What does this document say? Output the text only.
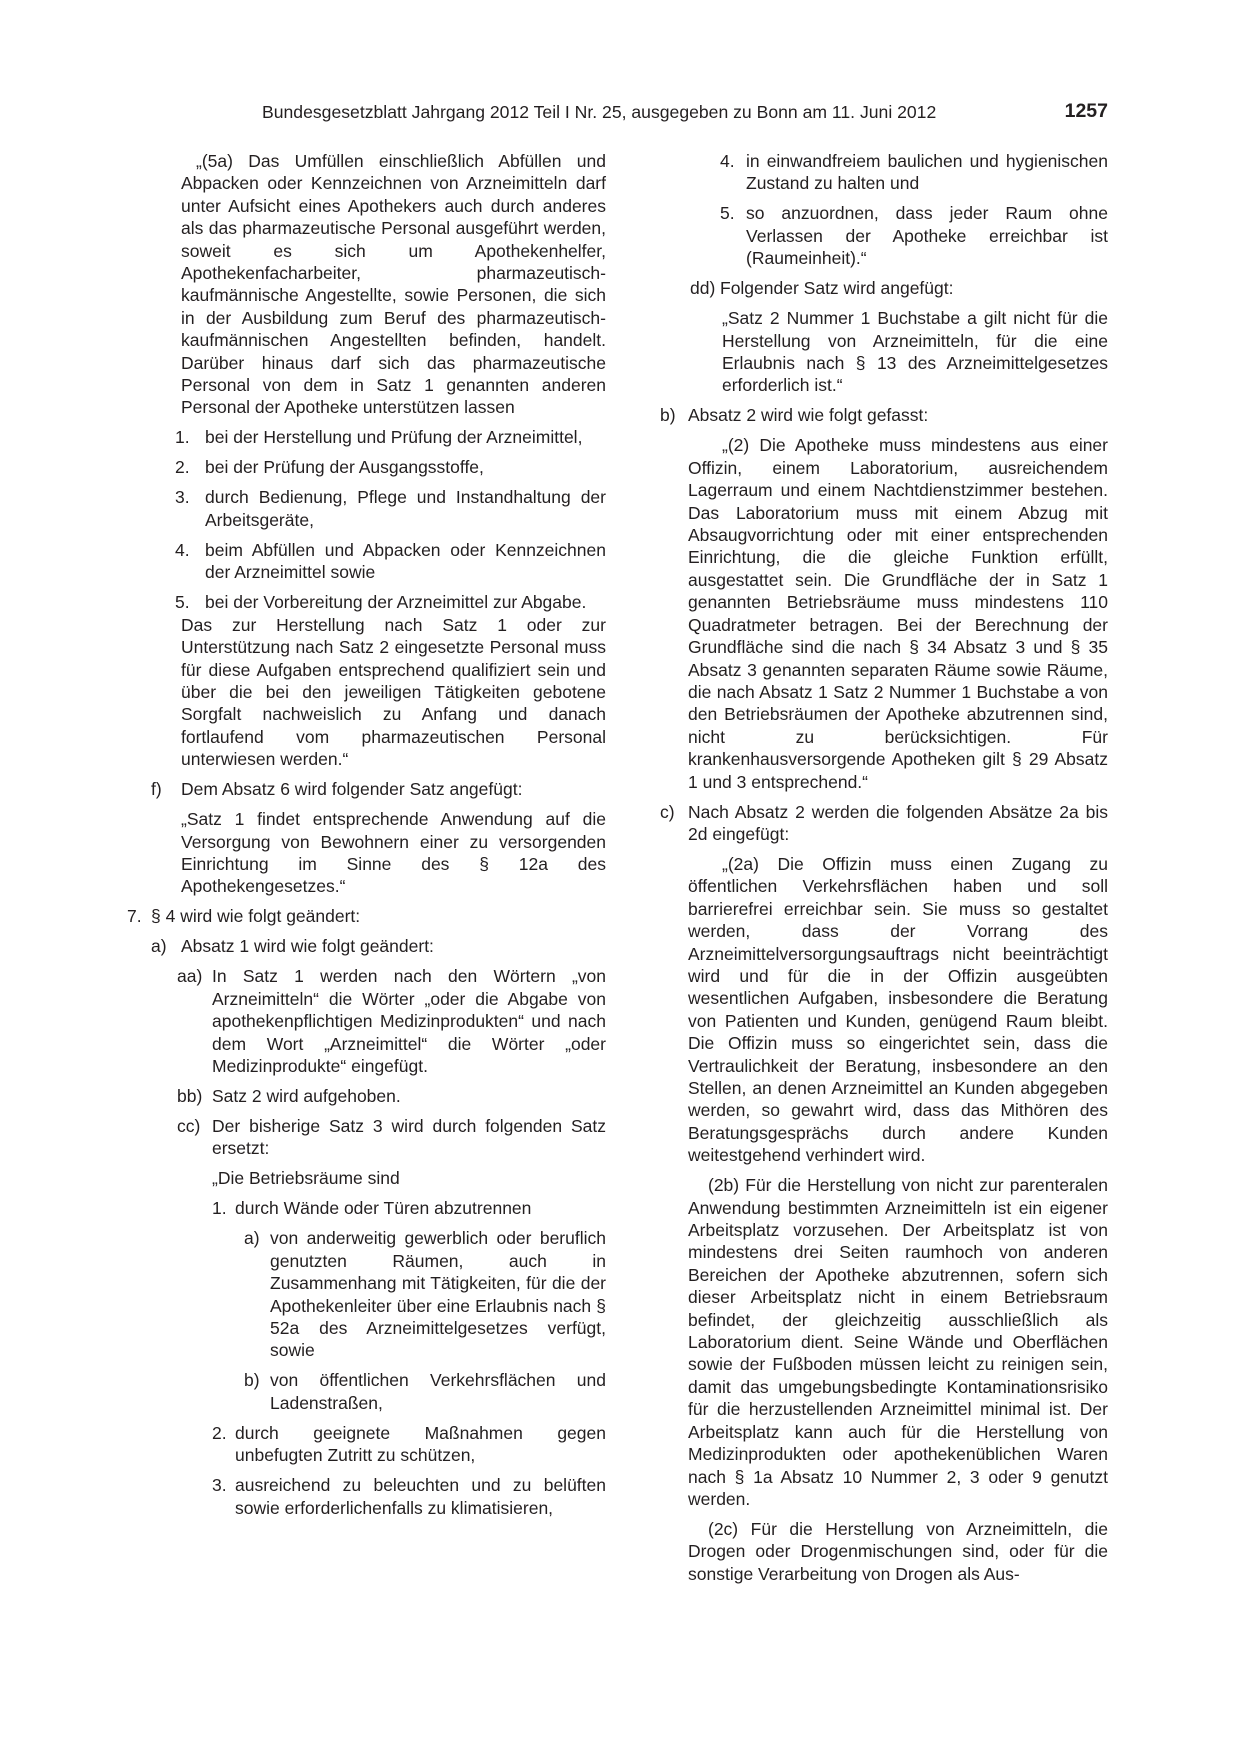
Bundesgesetzblatt Jahrgang 2012 Teil I Nr. 25, ausgegeben zu Bonn am 11. Juni 2012	1257

„(5a) Das Umfüllen einschließlich Abfüllen und Abpacken oder Kennzeichnen von Arzneimitteln darf unter Aufsicht eines Apothekers auch durch anderes als das pharmazeutische Personal ausgeführt werden, soweit es sich um Apothekenhelfer, Apothekenfacharbeiter, pharmazeutisch-kaufmännische Angestellte, sowie Personen, die sich in der Ausbildung zum Beruf des pharmazeutisch-kaufmännischen Angestellten befinden, handelt. Darüber hinaus darf sich das pharmazeutische Personal von dem in Satz 1 genannten anderen Personal der Apotheke unterstützen lassen

1. bei der Herstellung und Prüfung der Arzneimittel,
2. bei der Prüfung der Ausgangsstoffe,
3. durch Bedienung, Pflege und Instandhaltung der Arbeitsgeräte,
4. beim Abfüllen und Abpacken oder Kennzeichnen der Arzneimittel sowie
5. bei der Vorbereitung der Arzneimittel zur Abgabe.

Das zur Herstellung nach Satz 1 oder zur Unterstützung nach Satz 2 eingesetzte Personal muss für diese Aufgaben entsprechend qualifiziert sein und über die bei den jeweiligen Tätigkeiten gebotene Sorgfalt nachweislich zu Anfang und danach fortlaufend vom pharmazeutischen Personal unterwiesen werden.“

f) Dem Absatz 6 wird folgender Satz angefügt:

„Satz 1 findet entsprechende Anwendung auf die Versorgung von Bewohnern einer zu versorgenden Einrichtung im Sinne des § 12a des Apothekengesetzes.“

7. § 4 wird wie folgt geändert:
a) Absatz 1 wird wie folgt geändert:
aa) In Satz 1 werden nach den Wörtern „von Arzneimitteln“ die Wörter „oder die Abgabe von apothekenpflichtigen Medizinprodukten“ und nach dem Wort „Arzneimittel“ die Wörter „oder Medizinprodukte“ eingefügt.
bb) Satz 2 wird aufgehoben.
cc) Der bisherige Satz 3 wird durch folgenden Satz ersetzt:

„Die Betriebsräume sind

1. durch Wände oder Türen abzutrennen
a) von anderweitig gewerblich oder beruflich genutzten Räumen, auch in Zusammenhang mit Tätigkeiten, für die der Apothekenleiter über eine Erlaubnis nach § 52a des Arzneimittelgesetzes verfügt, sowie
b) von öffentlichen Verkehrsflächen und Ladenstraßen,
2. durch geeignete Maßnahmen gegen unbefugten Zutritt zu schützen,
3. ausreichend zu beleuchten und zu belüften sowie erforderlichenfalls zu klimatisieren,
4. in einwandfreiem baulichen und hygienischen Zustand zu halten und
5. so anzuordnen, dass jeder Raum ohne Verlassen der Apotheke erreichbar ist (Raumeinheit).“
dd) Folgender Satz wird angefügt:

„Satz 2 Nummer 1 Buchstabe a gilt nicht für die Herstellung von Arzneimitteln, für die eine Erlaubnis nach § 13 des Arzneimittelgesetzes erforderlich ist.“

b) Absatz 2 wird wie folgt gefasst:

„(2) Die Apotheke muss mindestens aus einer Offizin, einem Laboratorium, ausreichendem Lagerraum und einem Nachtdienstzimmer bestehen. Das Laboratorium muss mit einem Abzug mit Absaugvorrichtung oder mit einer entsprechenden Einrichtung, die die gleiche Funktion erfüllt, ausgestattet sein. Die Grundfläche der in Satz 1 genannten Betriebsräume muss mindestens 110 Quadratmeter betragen. Bei der Berechnung der Grundfläche sind die nach § 34 Absatz 3 und § 35 Absatz 3 genannten separaten Räume sowie Räume, die nach Absatz 1 Satz 2 Nummer 1 Buchstabe a von den Betriebsräumen der Apotheke abzutrennen sind, nicht zu berücksichtigen. Für krankenhausversorgende Apotheken gilt § 29 Absatz 1 und 3 entsprechend.“

c) Nach Absatz 2 werden die folgenden Absätze 2a bis 2d eingefügt:

„(2a) Die Offizin muss einen Zugang zu öffentlichen Verkehrsflächen haben und soll barrierefrei erreichbar sein. Sie muss so gestaltet werden, dass der Vorrang des Arzneimittelversorgungsauftrags nicht beeinträchtigt wird und für die in der Offizin ausgeübten wesentlichen Aufgaben, insbesondere die Beratung von Patienten und Kunden, genügend Raum bleibt. Die Offizin muss so eingerichtet sein, dass die Vertraulichkeit der Beratung, insbesondere an den Stellen, an denen Arzneimittel an Kunden abgegeben werden, so gewahrt wird, dass das Mithören des Beratungsgesprächs durch andere Kunden weitestgehend verhindert wird.

(2b) Für die Herstellung von nicht zur parenteralen Anwendung bestimmten Arzneimitteln ist ein eigener Arbeitsplatz vorzusehen. Der Arbeitsplatz ist von mindestens drei Seiten raumhoch von anderen Bereichen der Apotheke abzutrennen, sofern sich dieser Arbeitsplatz nicht in einem Betriebsraum befindet, der gleichzeitig ausschließlich als Laboratorium dient. Seine Wände und Oberflächen sowie der Fußboden müssen leicht zu reinigen sein, damit das umgebungsbedingte Kontaminationsrisiko für die herzustellenden Arzneimittel minimal ist. Der Arbeitsplatz kann auch für die Herstellung von Medizinprodukten oder apothekenüblichen Waren nach § 1a Absatz 10 Nummer 2, 3 oder 9 genutzt werden.

(2c) Für die Herstellung von Arzneimitteln, die Drogen oder Drogenmischungen sind, oder für die sonstige Verarbeitung von Drogen als Aus-
